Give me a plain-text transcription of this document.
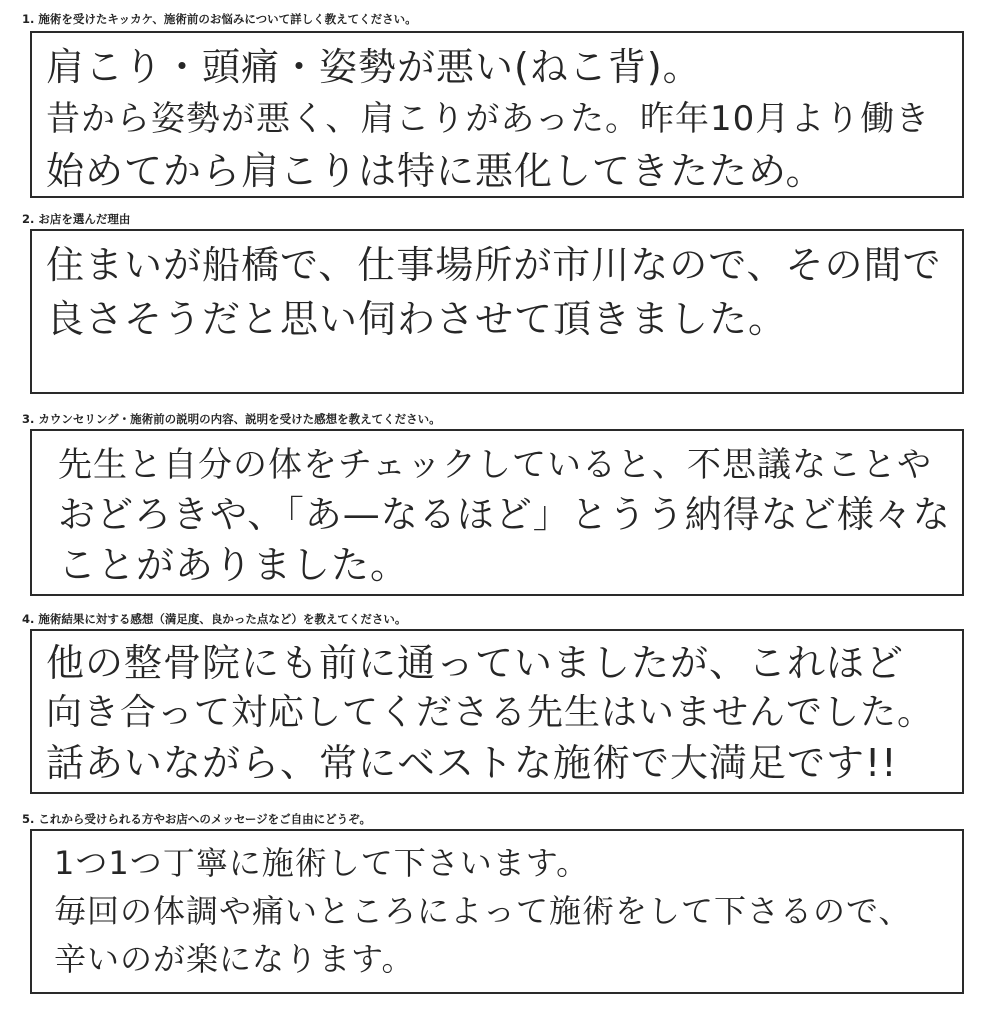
1. 施術を受けたキッカケ、施術前のお悩みについて詳しく教えてください。
肩こり・頭痛・姿勢が悪い(ねこ背)。
昔から姿勢が悪く、肩こりがあった。昨年10月より働き
始めてから肩こりは特に悪化してきたため。
2. お店を選んだ理由
住まいが船橋で、仕事場所が市川なので、その間で
良さそうだと思い伺わさせて頂きました。
3. カウンセリング・施術前の説明の内容、説明を受けた感想を教えてください。
先生と自分の体をチェックしていると、不思議なことや
おどろきや、「あ—なるほど」とうう納得など様々な
ことがありました。
4. 施術結果に対する感想（満足度、良かった点など）を教えてください。
他の整骨院にも前に通っていましたが、これほど
向き合って対応してくださる先生はいませんでした。
話あいながら、常にベストな施術で大満足です!!
5. これから受けられる方やお店へのメッセージをご自由にどうぞ。
1つ1つ丁寧に施術して下さいます。
毎回の体調や痛いところによって施術をして下さるので、
辛いのが楽になります。
